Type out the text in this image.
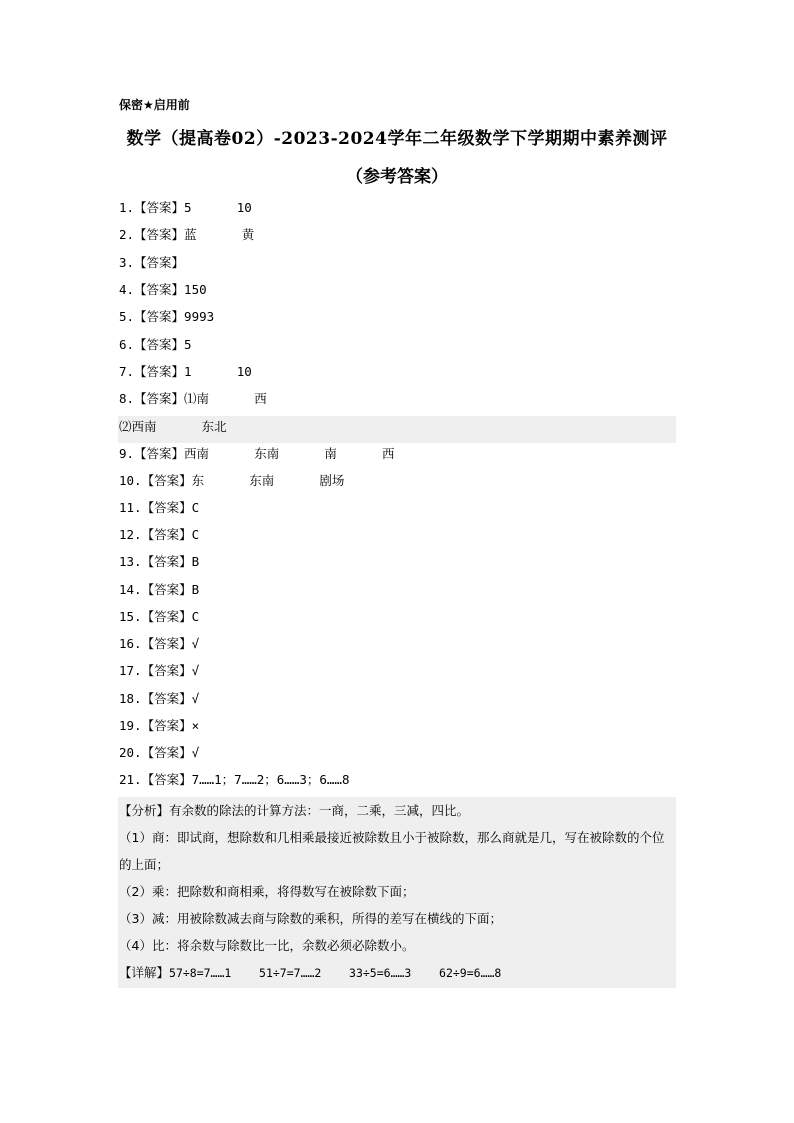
保密★启用前
数学（提高卷02）-2023-2024学年二年级数学下学期期中素养测评
（参考答案）
1.【答案】5      10
2.【答案】蓝      黄
3.【答案】
4.【答案】150
5.【答案】9993
6.【答案】5
7.【答案】1      10
8.【答案】⑴南      西
⑵西南      东北
9.【答案】西南      东南      南      西
10.【答案】东      东南      剧场
11.【答案】C
12.【答案】C
13.【答案】B
14.【答案】B
15.【答案】C
16.【答案】√
17.【答案】√
18.【答案】√
19.【答案】×
20.【答案】√
21.【答案】7……1；7……2；6……3；6……8
【分析】有余数的除法的计算方法：一商，二乘，三减，四比。
（1）商：即试商，想除数和几相乘最接近被除数且小于被除数，那么商就是几，写在被除数的个位的上面；
（2）乘：把除数和商相乘，将得数写在被除数下面；
（3）减：用被除数减去商与除数的乘积，所得的差写在横线的下面；
（4）比：将余数与除数比一比，余数必须必除数小。
【详解】57÷8=7……1    51÷7=7……2    33÷5=6……3    62÷9=6……8
